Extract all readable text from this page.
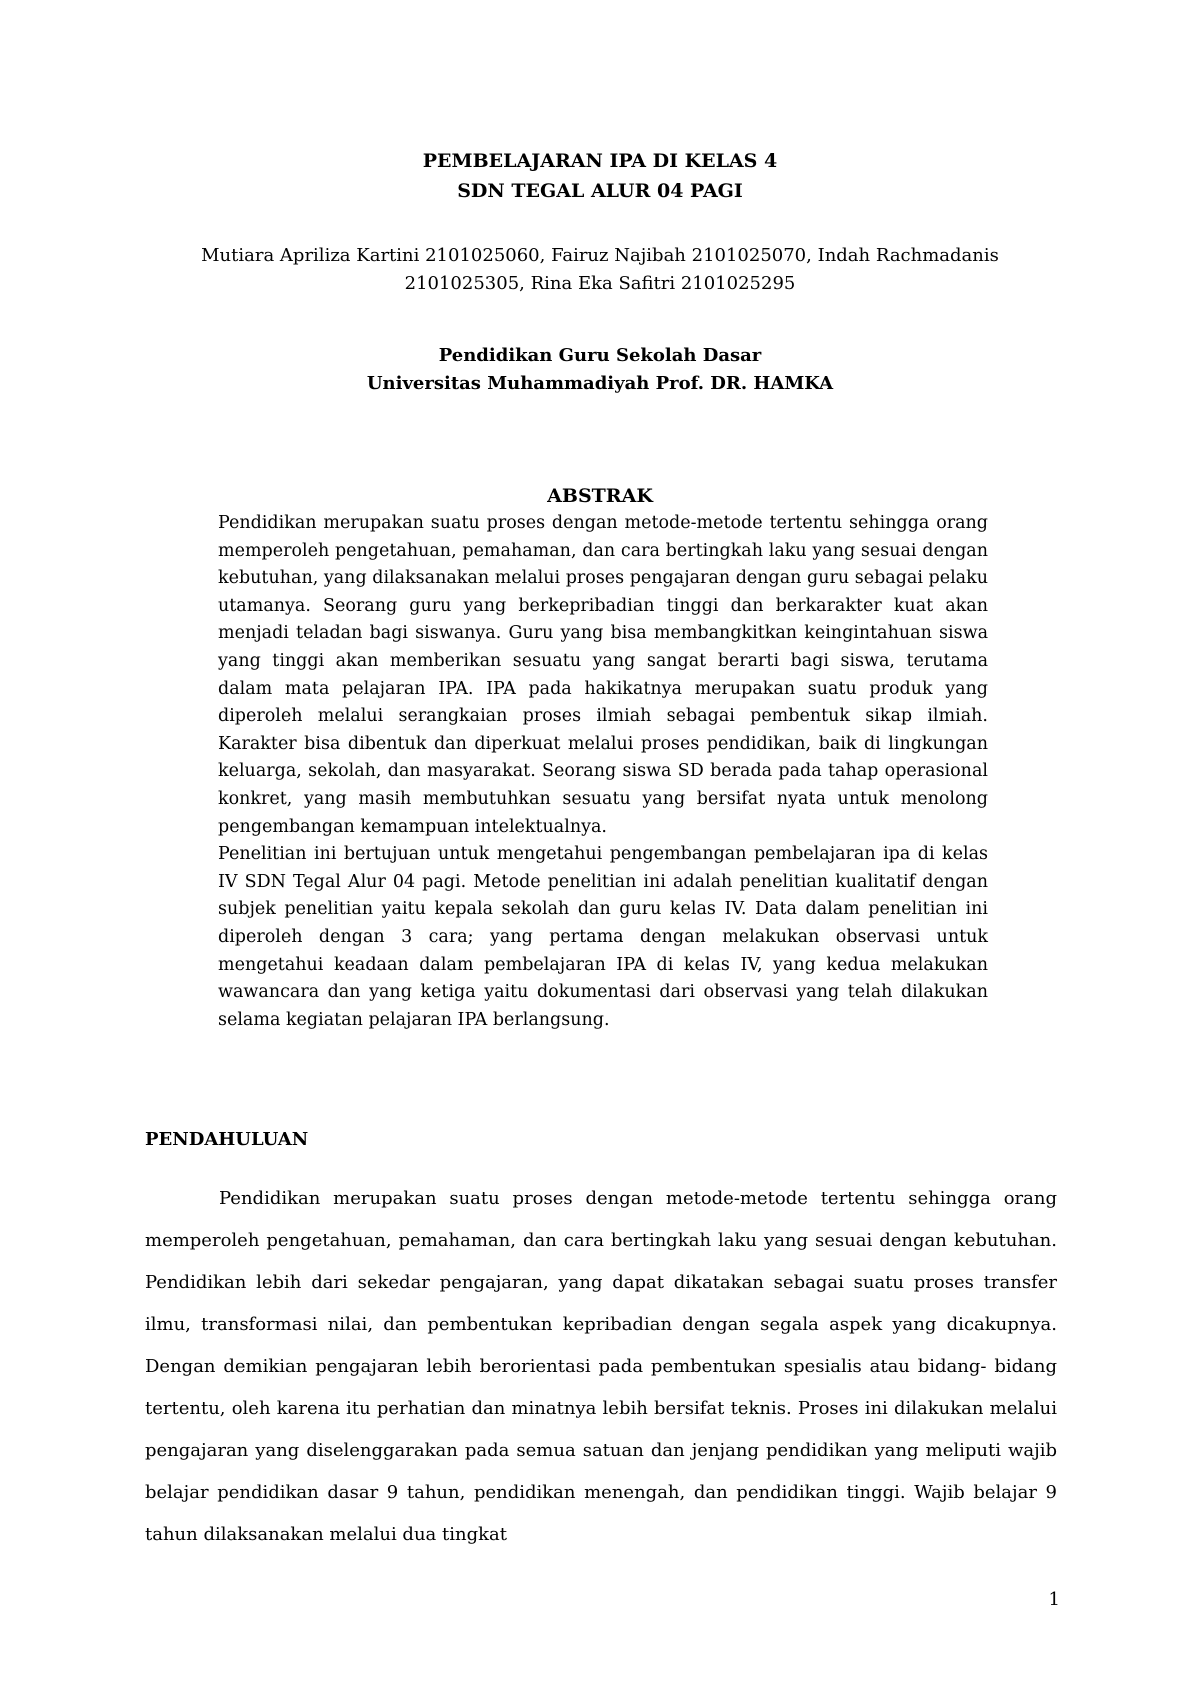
PEMBELAJARAN IPA DI KELAS 4
SDN TEGAL ALUR 04 PAGI
Mutiara Apriliza Kartini 2101025060, Fairuz Najibah 2101025070, Indah Rachmadanis 2101025305, Rina Eka Safitri 2101025295
Pendidikan Guru Sekolah Dasar
Universitas Muhammadiyah Prof. DR. HAMKA
ABSTRAK

Pendidikan merupakan suatu proses dengan metode-metode tertentu sehingga orang memperoleh pengetahuan, pemahaman, dan cara bertingkah laku yang sesuai dengan kebutuhan, yang dilaksanakan melalui proses pengajaran dengan guru sebagai pelaku utamanya. Seorang guru yang berkepribadian tinggi dan berkarakter kuat akan menjadi teladan bagi siswanya. Guru yang bisa membangkitkan keingintahuan siswa yang tinggi akan memberikan sesuatu yang sangat berarti bagi siswa, terutama dalam mata pelajaran IPA. IPA pada hakikatnya merupakan suatu produk yang diperoleh melalui serangkaian proses ilmiah sebagai pembentuk sikap ilmiah. Karakter bisa dibentuk dan diperkuat melalui proses pendidikan, baik di lingkungan keluarga, sekolah, dan masyarakat. Seorang siswa SD berada pada tahap operasional konkret, yang masih membutuhkan sesuatu yang bersifat nyata untuk menolong pengembangan kemampuan intelektualnya.

Penelitian ini bertujuan untuk mengetahui pengembangan pembelajaran ipa di kelas IV SDN Tegal Alur 04 pagi. Metode penelitian ini adalah penelitian kualitatif dengan subjek penelitian yaitu kepala sekolah dan guru kelas IV. Data dalam penelitian ini diperoleh dengan 3 cara; yang pertama dengan melakukan observasi untuk mengetahui keadaan dalam pembelajaran IPA di kelas IV, yang kedua melakukan wawancara dan yang ketiga yaitu dokumentasi dari observasi yang telah dilakukan selama kegiatan pelajaran IPA berlangsung.

PENDAHULUAN

Pendidikan merupakan suatu proses dengan metode-metode tertentu sehingga orang memperoleh pengetahuan, pemahaman, dan cara bertingkah laku yang sesuai dengan kebutuhan. Pendidikan lebih dari sekedar pengajaran, yang dapat dikatakan sebagai suatu proses transfer ilmu, transformasi nilai, dan pembentukan kepribadian dengan segala aspek yang dicakupnya. Dengan demikian pengajaran lebih berorientasi pada pembentukan spesialis atau bidang- bidang tertentu, oleh karena itu perhatian dan minatnya lebih bersifat teknis. Proses ini dilakukan melalui pengajaran yang diselenggarakan pada semua satuan dan jenjang pendidikan yang meliputi wajib belajar pendidikan dasar 9 tahun, pendidikan menengah, dan pendidikan tinggi. Wajib belajar 9 tahun dilaksanakan melalui dua tingkat

1
